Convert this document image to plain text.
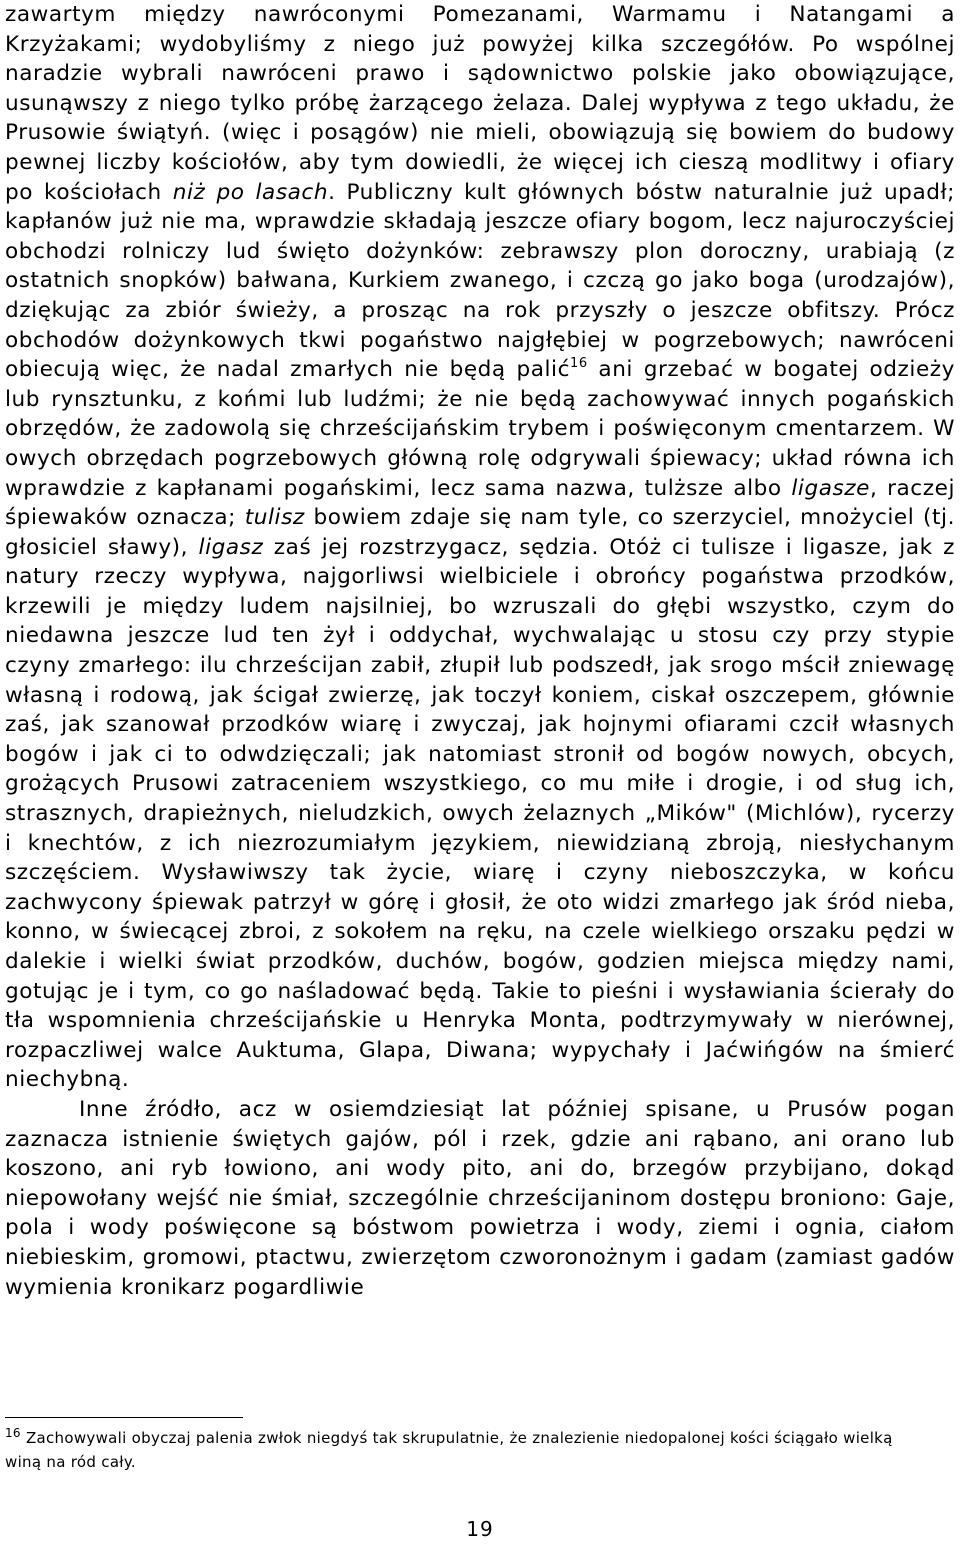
zawartym między nawróconymi Pomezanami, Warmamu i Natangami a Krzyżakami; wydobyliśmy z niego już powyżej kilka szczegółów. Po wspólnej naradzie wybrali nawróceni prawo i sądownictwo polskie jako obowiązujące, usunąwszy z niego tylko próbę żarzącego żelaza. Dalej wypływa z tego układu, że Prusowie świątyń. (więc i posągów) nie mieli, obowiązują się bowiem do budowy pewnej liczby kościołów, aby tym dowiedli, że więcej ich cieszą modlitwy i ofiary po kościołach niż po lasach. Publiczny kult głównych bóstw naturalnie już upadł; kapłanów już nie ma, wprawdzie składają jeszcze ofiary bogom, lecz najuroczyściej obchodzi rolniczy lud święto dożynków: zebrawszy plon doroczny, urabiają (z ostatnich snopków) bałwana, Kurkiem zwanego, i czczą go jako boga (urodzajów), dziękując za zbiór świeży, a prosząc na rok przyszły o jeszcze obfitszy. Prócz obchodów dożynkowych tkwi pogaństwo najgłębiej w pogrzebowych; nawróceni obiecują więc, że nadal zmarłych nie będą palić$^{16}$ ani grzebać w bogatej odzieży lub rynsztunku, z końmi lub ludźmi; że nie będą zachowywać innych pogańskich obrzędów, że zadowolą się chrześcijańskim trybem i poświęconym cmentarzem. W owych obrzędach pogrzebowych główną rolę odgrywali śpiewacy; układ równa ich wprawdzie z kapłanami pogańskimi, lecz sama nazwa, tulższe albo ligasze, raczej śpiewaków oznacza; tulisz bowiem zdaje się nam tyle, co szerzyciel, mnożyciel (tj. głosiciel sławy), ligasz zaś jej rozstrzygacz, sędzia. Otóż ci tulisze i ligasze, jak z natury rzeczy wypływa, najgorliwsi wielbiciele i obrońcy pogaństwa przodków, krzewili je między ludem najsilniej, bo wzruszali do głębi wszystko, czym do niedawna jeszcze lud ten żył i oddychał, wychwalając u stosu czy przy stypie czyny zmarłego: ilu chrześcijan zabił, złupił lub podszedł, jak srogo mścił zniewagę własną i rodową, jak ścigał zwierzę, jak toczył koniem, ciskał oszczepem, głównie zaś, jak szanował przodków wiarę i zwyczaj, jak hojnymi ofiarami czcił własnych bogów i jak ci to odwdzięczali; jak natomiast stronił od bogów nowych, obcych, grożących Prusowi zatraceniem wszystkiego, co mu miłe i drogie, i od sług ich, strasznych, drapieżnych, nieludzkich, owych żelaznych „Mików" (Michlów), rycerzy i knechtów, z ich niezrozumiałym językiem, niewidzianą zbroją, niesłychanym szczęściem. Wysławiwszy tak życie, wiarę i czyny nieboszczyka, w końcu zachwycony śpiewak patrzył w górę i głosił, że oto widzi zmarłego jak śród nieba, konno, w świecącej zbroi, z sokołem na ręku, na czele wielkiego orszaku pędzi w dalekie i wielki świat przodków, duchów, bogów, godzien miejsca między nami, gotując je i tym, co go naśladować będą. Takie to pieśni i wysławiania ścierały do tła wspomnienia chrześcijańskie u Henryka Monta, podtrzymywały w nierównej, rozpaczliwej walce Auktuma, Glapa, Diwana; wypychały i Jaćwińgów na śmierć niechybną.

Inne źródło, acz w osiemdziesiąt lat później spisane, u Prusów pogan zaznacza istnienie świętych gajów, pól i rzek, gdzie ani rąbano, ani orano lub koszono, ani ryb łowiono, ani wody pito, ani do, brzegów przybijano, dokąd niepowołany wejść nie śmiał, szczególnie chrześcijaninom dostępu broniono: Gaje, pola i wody poświęcone są bóstwom powietrza i wody, ziemi i ognia, ciałom niebieskim, gromowi, ptactwu, zwierzętom czworonożnym i gadam (zamiast gadów wymienia kronikarz pogardliwie

$^{16}$ Zachowywali obyczaj palenia zwłok niegdyś tak skrupulatnie, że znalezienie niedopalonej kości ściągało wielką winą na ród cały.

19
